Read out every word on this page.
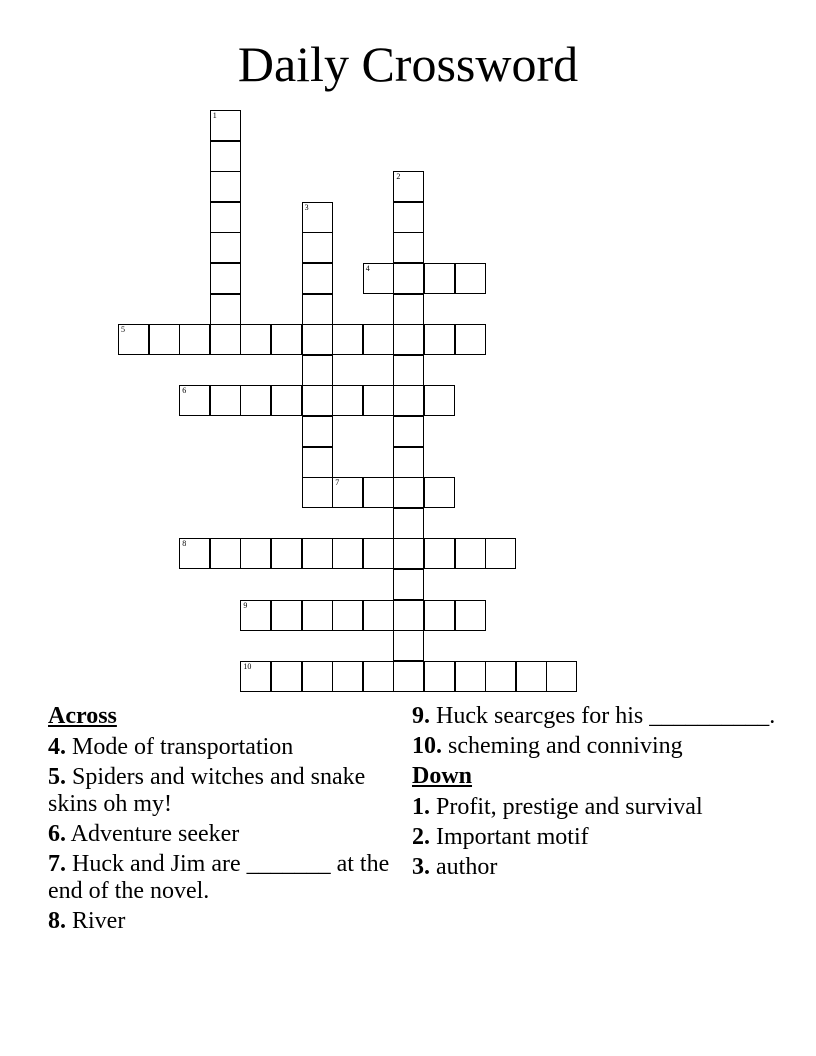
Daily Crossword
1
2
3
4
5
6
7
8
9
10
Across
4. Mode of transportation
5. Spiders and witches and snake skins oh my!
6. Adventure seeker
7. Huck and Jim are _______ at the end of the novel.
8. River
9. Huck searcges for his __________.
10. scheming and conniving
Down
1. Profit, prestige and survival
2. Important motif
3. author
